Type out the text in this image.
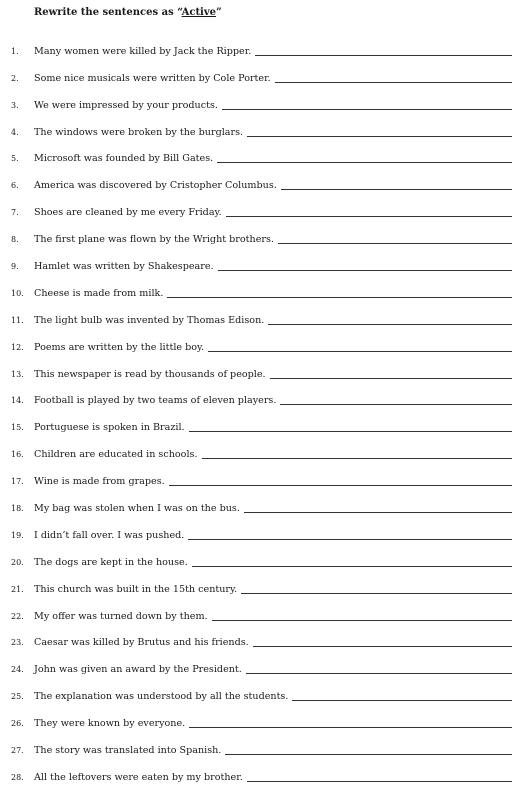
Rewrite the sentences as “Active”
1.	Many women were killed by Jack the Ripper.
2.	Some nice musicals were written by Cole Porter.
3.	We were impressed by your products.
4.	The windows were broken by the burglars.
5.	Microsoft was founded by Bill Gates.
6.	America was discovered by Cristopher Columbus.
7.	Shoes are cleaned by me every Friday.
8.	The first plane was flown by the Wright brothers.
9.	Hamlet was written by Shakespeare.
10.	Cheese is made from milk.
11.	The light bulb was invented by Thomas Edison.
12.	Poems are written by the little boy.
13.	This newspaper is read by thousands of people.
14.	Football is played by two teams of eleven players.
15.	Portuguese is spoken in Brazil.
16.	Children are educated in schools.
17.	Wine is made from grapes.
18.	My bag was stolen when I was on the bus.
19.	I didn’t fall over. I was pushed.
20.	The dogs are kept in the house.
21.	This church was built in the 15th century.
22.	My offer was turned down by them.
23.	Caesar was killed by Brutus and his friends.
24.	John was given an award by the President.
25.	The explanation was understood by all the students.
26.	They were known by everyone.
27.	The story was translated into Spanish.
28.	All the leftovers were eaten by my brother.
